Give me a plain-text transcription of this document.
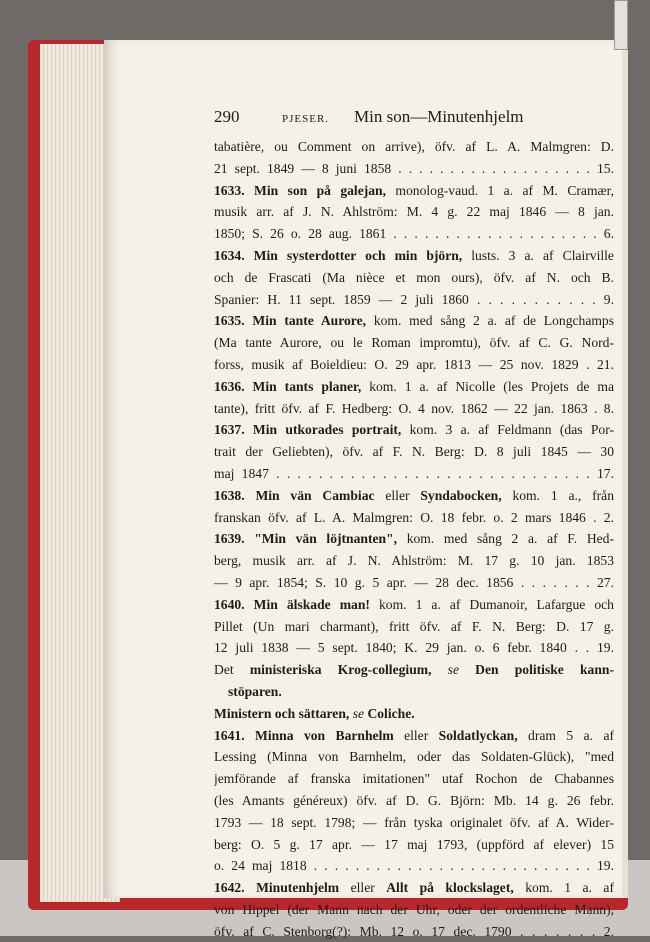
290	PJESER. Min son—Minutenhjelm
tabatière, ou Comment on arrive), öfv. af L. A. Malmgren: D.
21 sept. 1849 — 8 juni 1858 . . . . . . . . . . . . . . . . . . . 15.
1633. Min son på galejan, monolog-vaud. 1 a. af M. Cramær,
musik arr. af J. N. Ahlström: M. 4 g. 22 maj 1846 — 8 jan.
1850; S. 26 o. 28 aug. 1861 . . . . . . . . . . . . . . . . . . . . 6.
1634. Min systerdotter och min björn, lusts. 3 a. af Clairville
och de Frascati (Ma nièce et mon ours), öfv. af N. och B.
Spanier: H. 11 sept. 1859 — 2 juli 1860 . . . . . . . . . . . 9.
1635. Min tante Aurore, kom. med sång 2 a. af de Longchamps
(Ma tante Aurore, ou le Roman impromtu), öfv. af C. G. Nord-
forss, musik af Boieldieu: O. 29 apr. 1813 — 25 nov. 1829 . 21.
1636. Min tants planer, kom. 1 a. af Nicolle (les Projets de ma
tante), fritt öfv. af F. Hedberg: O. 4 nov. 1862 — 22 jan. 1863 . 8.
1637. Min utkorades portrait, kom. 3 a. af Feldmann (das Por-
trait der Geliebten), öfv. af F. N. Berg: D. 8 juli 1845 — 30
maj 1847 . . . . . . . . . . . . . . . . . . . . . . . . . . . . . . 17.
1638. Min vän Cambiac eller Syndabocken, kom. 1 a., från
franskan öfv. af L. A. Malmgren: O. 18 febr. o. 2 mars 1846 . 2.
1639. "Min vän löjtnanten", kom. med sång 2 a. af F. Hed-
berg, musik arr. af J. N. Ahlström: M. 17 g. 10 jan. 1853
— 9 apr. 1854; S. 10 g. 5 apr. — 28 dec. 1856 . . . . . . . 27.
1640. Min älskade man! kom. 1 a. af Dumanoir, Lafargue och
Pillet (Un mari charmant), fritt öfv. af F. N. Berg: D. 17 g.
12 juli 1838 — 5 sept. 1840; K. 29 jan. o. 6 febr. 1840 . . 19.
Det ministeriska Krog-collegium, se Den politiske kann-
stöparen.
Ministern och sättaren, se Coliche.
1641. Minna von Barnhelm eller Soldatlyckan, dram 5 a. af
Lessing (Minna von Barnhelm, oder das Soldaten-Glück), "med
jemförande af franska imitationen" utaf Rochon de Chabannes
(les Amants généreux) öfv. af D. G. Björn: Mb. 14 g. 26 febr.
1793 — 18 sept. 1798; — från tyska originalet öfv. af A. Wider-
berg: O. 5 g. 17 apr. — 17 maj 1793, (uppförd af elever) 15
o. 24 maj 1818 . . . . . . . . . . . . . . . . . . . . . . . . . . . 19.
1642. Minutenhjelm eller Allt på klockslaget, kom. 1 a. af
von Hippel (der Mann nach der Uhr, oder der ordentliche Mann),
öfv. af C. Stenborg(?): Mb. 12 o. 17 dec. 1790 . . . . . . . 2.
